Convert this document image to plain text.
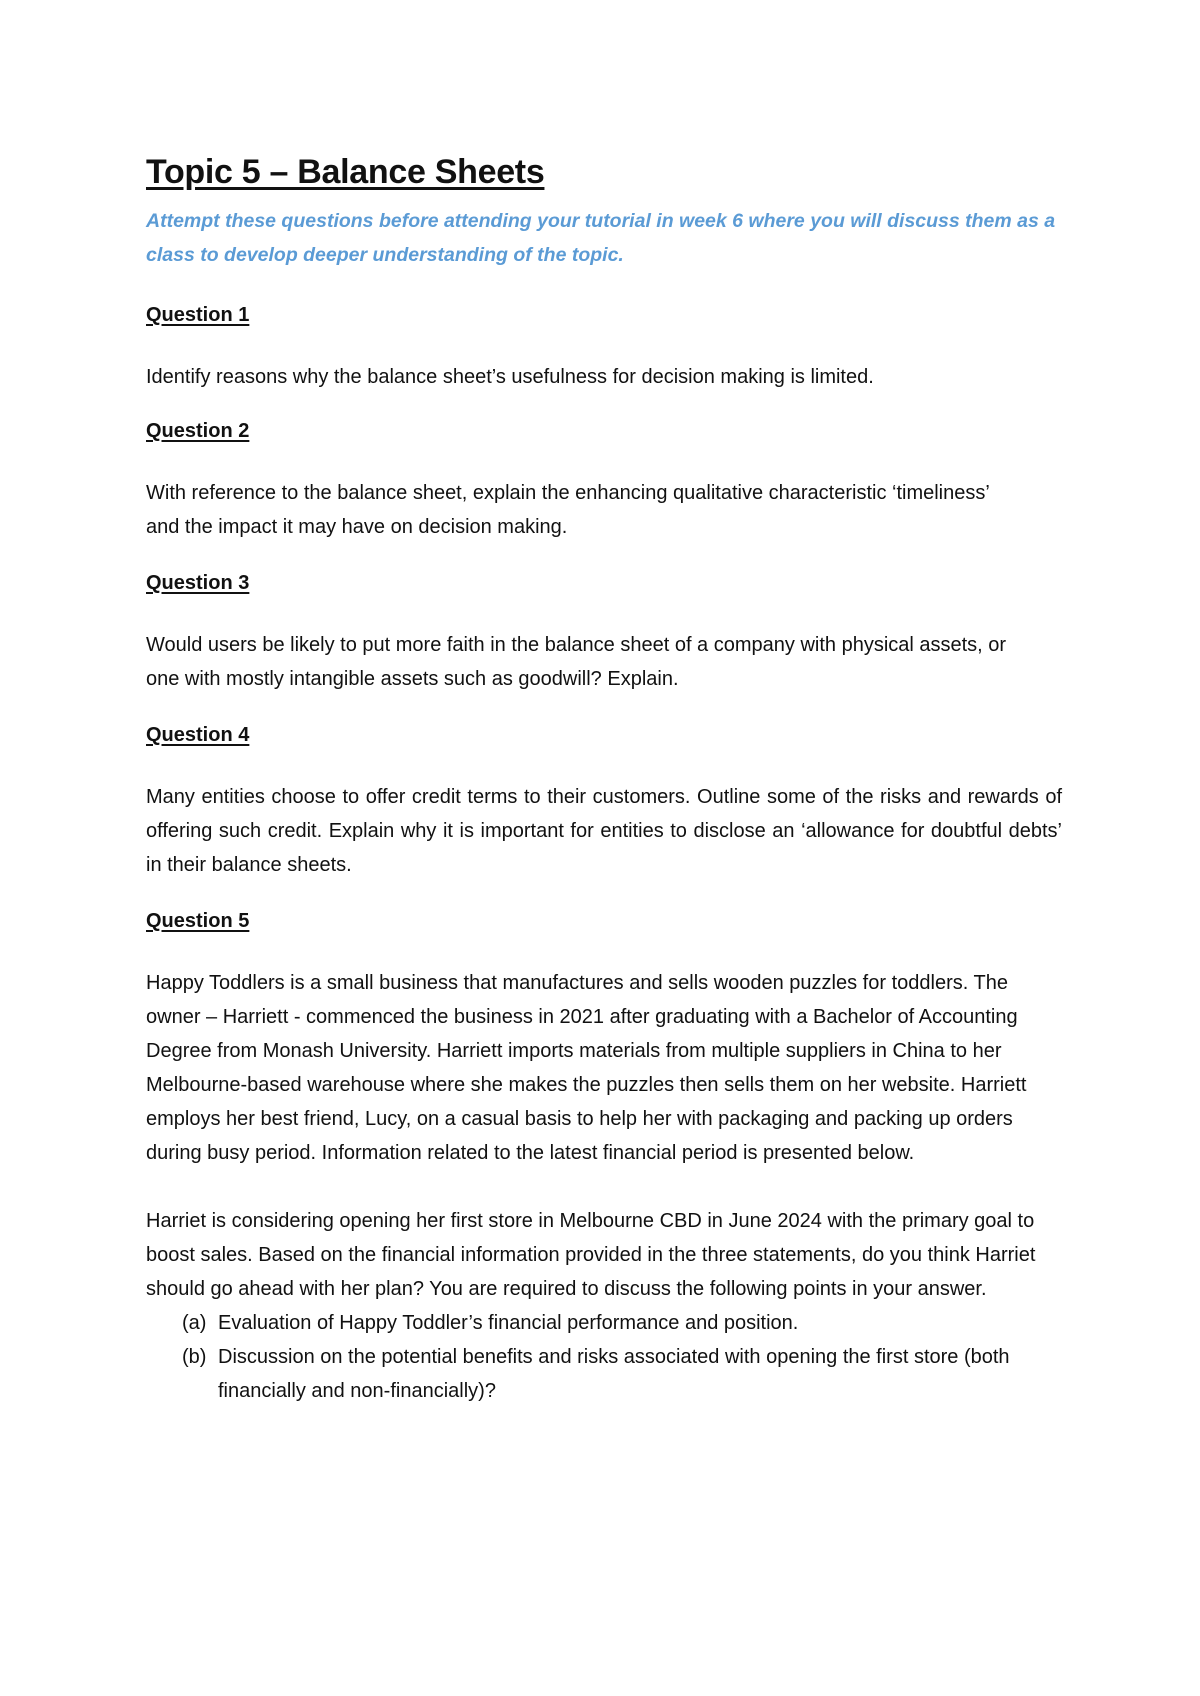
Topic 5 – Balance Sheets

Attempt these questions before attending your tutorial in week 6 where you will discuss them as a class to develop deeper understanding of the topic.

Question 1

Identify reasons why the balance sheet’s usefulness for decision making is limited.

Question 2

With reference to the balance sheet, explain the enhancing qualitative characteristic ‘timeliness’ and the impact it may have on decision making.

Question 3

Would users be likely to put more faith in the balance sheet of a company with physical assets, or one with mostly intangible assets such as goodwill? Explain.

Question 4

Many entities choose to offer credit terms to their customers. Outline some of the risks and rewards of offering such credit. Explain why it is important for entities to disclose an ‘allowance for doubtful debts’ in their balance sheets.

Question 5

Happy Toddlers is a small business that manufactures and sells wooden puzzles for toddlers. The owner – Harriett - commenced the business in 2021 after graduating with a Bachelor of Accounting Degree from Monash University. Harriett imports materials from multiple suppliers in China to her Melbourne-based warehouse where she makes the puzzles then sells them on her website. Harriett employs her best friend, Lucy, on a casual basis to help her with packaging and packing up orders during busy period. Information related to the latest financial period is presented below.

Harriet is considering opening her first store in Melbourne CBD in June 2024 with the primary goal to boost sales. Based on the financial information provided in the three statements, do you think Harriet should go ahead with her plan? You are required to discuss the following points in your answer.

(a) Evaluation of Happy Toddler’s financial performance and position.
(b) Discussion on the potential benefits and risks associated with opening the first store (both financially and non-financially)?
